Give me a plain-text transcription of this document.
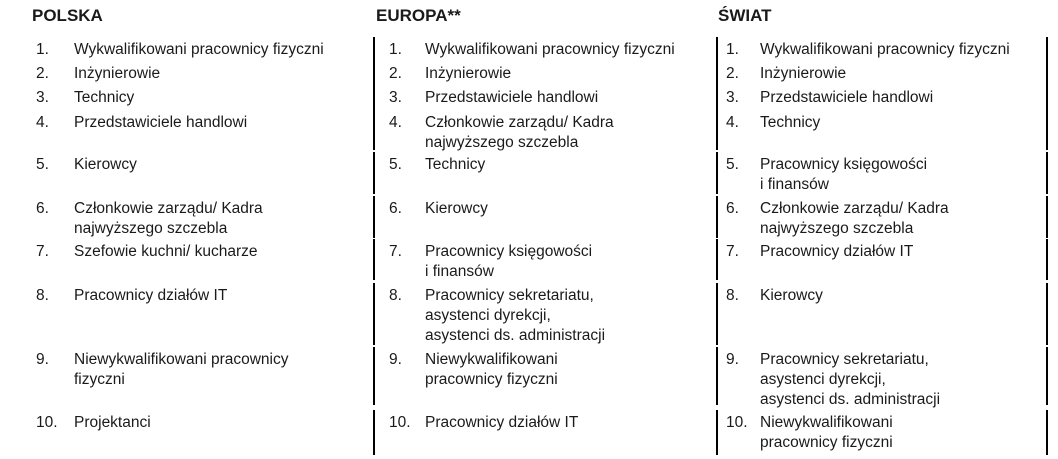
POLSKA
1. Wykwalifikowani pracownicy fizyczni
2. Inżynierowie
3. Technicy
4. Przedstawiciele handlowi
5. Kierowcy
6. Członkowie zarządu/ Kadra
najwyższego szczebla
7. Szefowie kuchni/ kucharze
8. Pracownicy działów IT
9. Niewykwalifikowani pracownicy
fizyczni
10. Projektanci
EUROPA**
1. Wykwalifikowani pracownicy fizyczni
2. Inżynierowie
3. Przedstawiciele handlowi
4. Członkowie zarządu/ Kadra
najwyższego szczebla
5. Technicy
6. Kierowcy
7. Pracownicy księgowości
i finansów
8. Pracownicy sekretariatu,
asystenci dyrekcji,
asystenci ds. administracji
9. Niewykwalifikowani
pracownicy fizyczni
10. Pracownicy działów IT
ŚWIAT
1. Wykwalifikowani pracownicy fizyczni
2. Inżynierowie
3. Przedstawiciele handlowi
4. Technicy
5. Pracownicy księgowości
i finansów
6. Członkowie zarządu/ Kadra
najwyższego szczebla
7. Pracownicy działów IT
8. Kierowcy
9. Pracownicy sekretariatu,
asystenci dyrekcji,
asystenci ds. administracji
10. Niewykwalifikowani
pracownicy fizyczni
